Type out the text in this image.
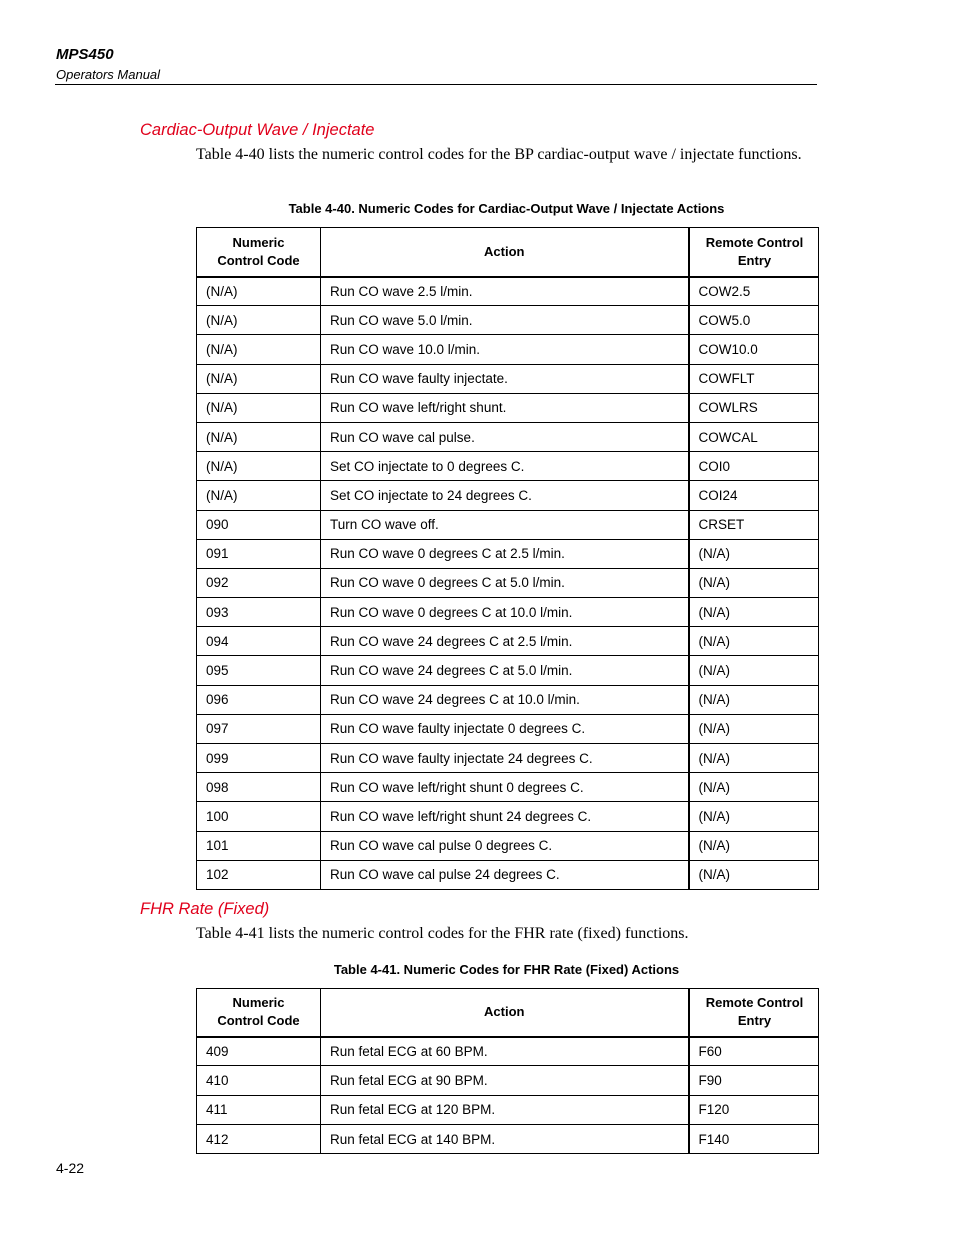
MPS450
Operators Manual
Cardiac-Output Wave / Injectate
Table 4-40 lists the numeric control codes for the BP cardiac-output wave / injectate functions.
Table 4-40. Numeric Codes for Cardiac-Output Wave / Injectate Actions
Numeric Control Code	Action	Remote Control Entry

(N/A)	Run CO wave 2.5 l/min.	COW2.5
(N/A)	Run CO wave 5.0 l/min.	COW5.0
(N/A)	Run CO wave 10.0 l/min.	COW10.0
(N/A)	Run CO wave faulty injectate.	COWFLT
(N/A)	Run CO wave left/right shunt.	COWLRS
(N/A)	Run CO wave cal pulse.	COWCAL
(N/A)	Set CO injectate to 0 degrees C.	COI0
(N/A)	Set CO injectate to 24 degrees C.	COI24
090	Turn CO wave off.	CRSET
091	Run CO wave 0 degrees C at 2.5 l/min.	(N/A)
092	Run CO wave 0 degrees C at 5.0 l/min.	(N/A)
093	Run CO wave 0 degrees C at 10.0 l/min.	(N/A)
094	Run CO wave 24 degrees C at 2.5 l/min.	(N/A)
095	Run CO wave 24 degrees C at 5.0 l/min.	(N/A)
096	Run CO wave 24 degrees C at 10.0 l/min.	(N/A)
097	Run CO wave faulty injectate 0 degrees C.	(N/A)
099	Run CO wave faulty injectate 24 degrees C.	(N/A)
098	Run CO wave left/right shunt 0 degrees C.	(N/A)
100	Run CO wave left/right shunt 24 degrees C.	(N/A)
101	Run CO wave cal pulse 0 degrees C.	(N/A)
102	Run CO wave cal pulse 24 degrees C.	(N/A)
FHR Rate (Fixed)
Table 4-41 lists the numeric control codes for the FHR rate (fixed) functions.
Table 4-41. Numeric Codes for FHR Rate (Fixed) Actions
Numeric Control Code	Action	Remote Control Entry

409	Run fetal ECG at 60 BPM.	F60
410	Run fetal ECG at 90 BPM.	F90
411	Run fetal ECG at 120 BPM.	F120
412	Run fetal ECG at 140 BPM.	F140
4-22
